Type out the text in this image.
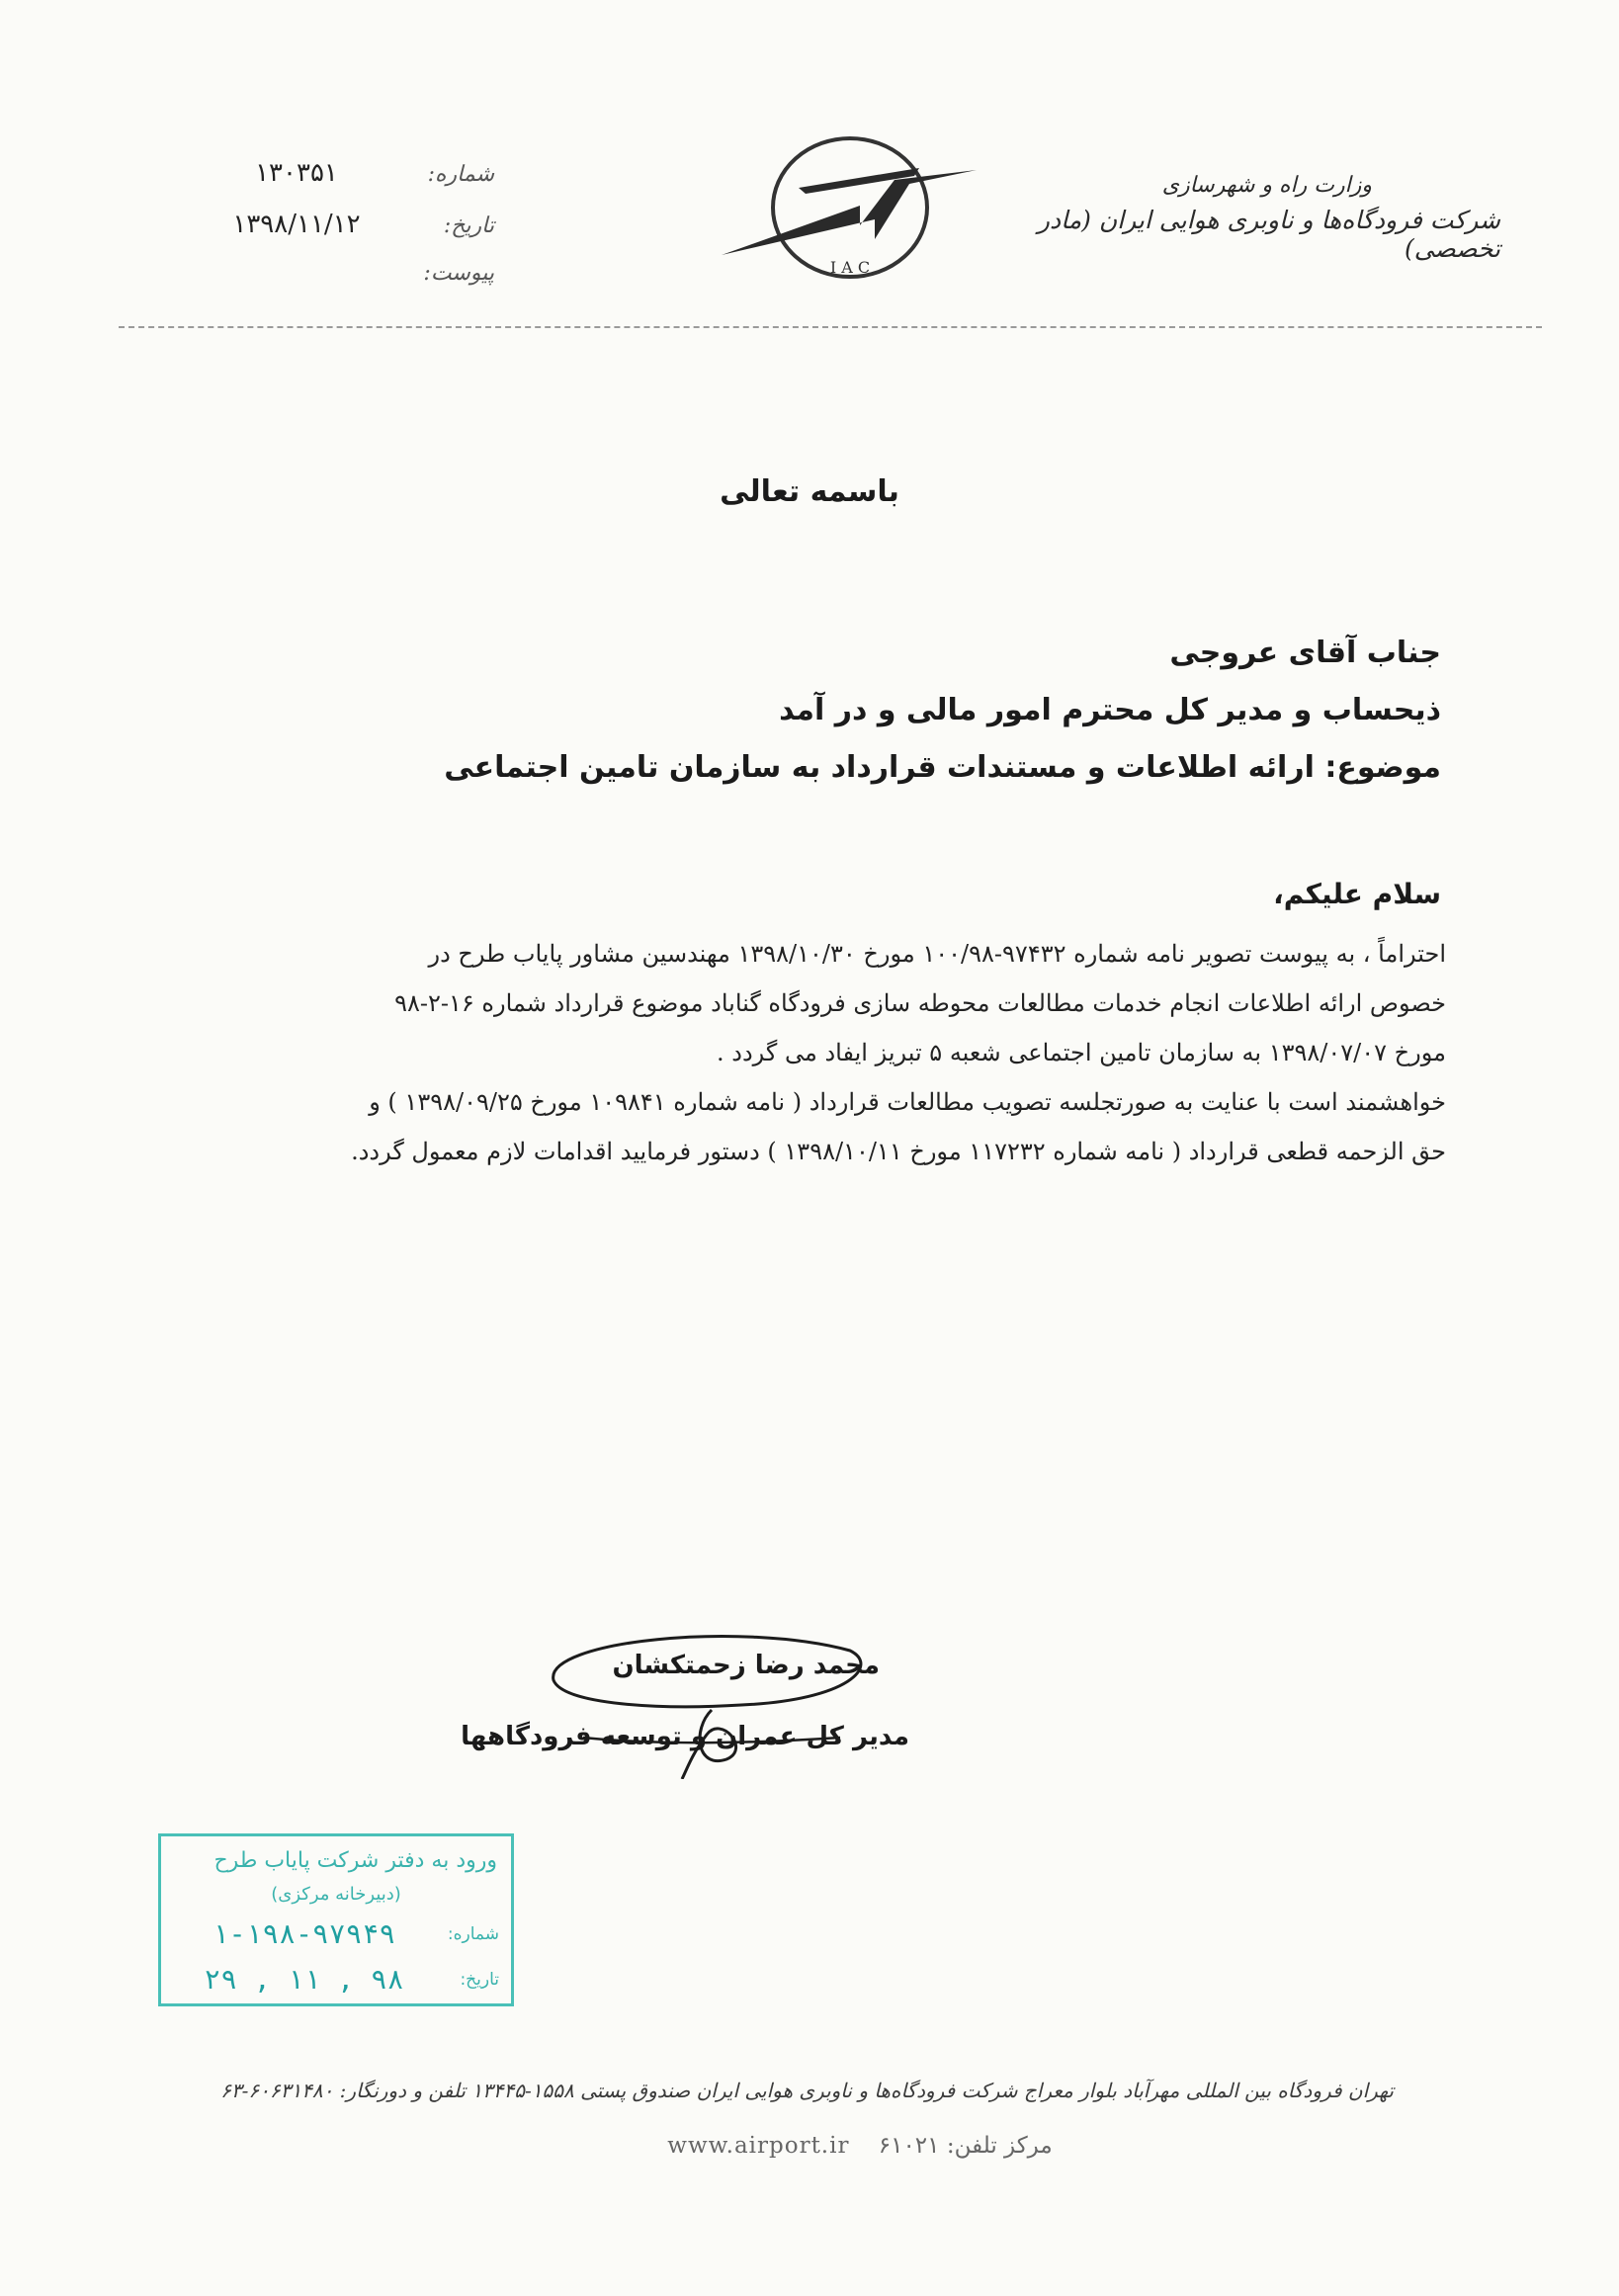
شماره:
۱۳۰۳۵۱
تاریخ:
۱۳۹۸/۱۱/۱۲
پیوست:	I A C
وزارت راه و شهرسازی
شرکت فرودگاه‌ها و ناوبری هوایی ایران (مادر تخصصی)
باسمه تعالی
جناب آقای عروجی
ذیحساب و مدیر کل محترم امور مالی و در آمد
موضوع: ارائه اطلاعات و مستندات قرارداد به سازمان تامین اجتماعی
سلام علیکم،
احتراماً ، به پیوست تصویر نامه شماره ۹۷۴۳۲-۱۰۰/۹۸ مورخ ۱۳۹۸/۱۰/۳۰ مهندسین مشاور پایاب طرح در
خصوص ارائه اطلاعات انجام خدمات مطالعات محوطه سازی فرودگاه گناباد موضوع قرارداد شماره ۱۶-۲-۹۸
مورخ ۱۳۹۸/۰۷/۰۷ به سازمان تامین اجتماعی شعبه ۵ تبریز ایفاد می گردد .
خواهشمند است با عنایت به صورتجلسه تصویب مطالعات قرارداد ( نامه شماره ۱۰۹۸۴۱ مورخ ۱۳۹۸/۰۹/۲۵ ) و
حق الزحمه قطعی قرارداد ( نامه شماره ۱۱۷۲۳۲ مورخ ۱۳۹۸/۱۰/۱۱ ) دستور فرمایید اقدامات لازم معمول گردد.
محمد رضا زحمتکشان
مدیر کل عمران و توسعه فرودگاهها
ورود به دفتر شرکت پایاب طرح
(دبیرخانه مرکزی)
شماره:
۱-۱۹۸-۹۷۹۴۹
تاریخ:
۹۸ , ۱۱ , ۲۹
تهران فرودگاه بین المللی مهرآباد بلوار معراج شرکت فرودگاه‌ها و ناوبری هوایی ایران صندوق پستی ۱۵۵۸-۱۳۴۴۵ تلفن و دورنگار: ۶۰۶۳۱۴۸۰-۶۳
مرکز تلفن: ۶۱۰۲۱    www.airport.ir
